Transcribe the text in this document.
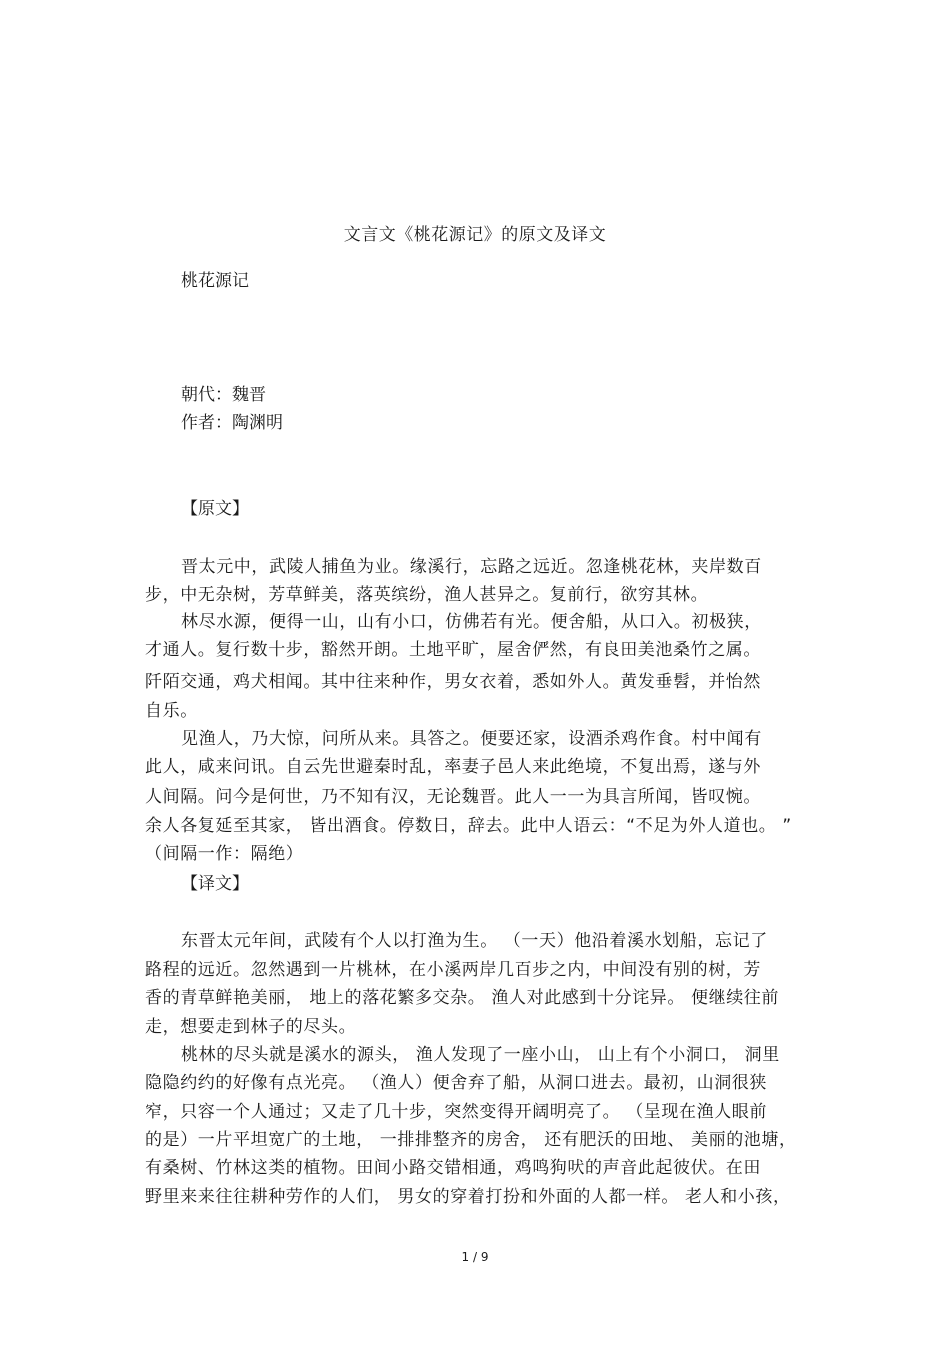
文言文《桃花源记》的原文及译文
桃花源记
朝代：魏晋
作者：陶渊明
【原文】
晋太元中，武陵人捕鱼为业。缘溪行，忘路之远近。忽逢桃花林，夹岸数百
步，中无杂树，芳草鲜美，落英缤纷，渔人甚异之。复前行，欲穷其林。
林尽水源，便得一山，山有小口，仿佛若有光。便舍船，从口入。初极狭，
才通人。复行数十步，豁然开朗。土地平旷，屋舍俨然，有良田美池桑竹之属。
阡陌交通，鸡犬相闻。其中往来种作，男女衣着，悉如外人。黄发垂髫，并怡然
自乐。
见渔人，乃大惊，问所从来。具答之。便要还家，设酒杀鸡作食。村中闻有
此人，咸来问讯。自云先世避秦时乱，率妻子邑人来此绝境，不复出焉，遂与外
人间隔。问今是何世，乃不知有汉，无论魏晋。此人一一为具言所闻，皆叹惋。
余人各复延至其家， 皆出酒食。停数日，辞去。此中人语云：“不足为外人道也。 ”
（间隔一作：隔绝）
【译文】
东晋太元年间，武陵有个人以打渔为生。 （一天）他沿着溪水划船，忘记了
路程的远近。忽然遇到一片桃林，在小溪两岸几百步之内，中间没有别的树，芳
香的青草鲜艳美丽， 地上的落花繁多交杂。 渔人对此感到十分诧异。 便继续往前
走，想要走到林子的尽头。
桃林的尽头就是溪水的源头， 渔人发现了一座小山， 山上有个小洞口， 洞里
隐隐约约的好像有点光亮。 （渔人）便舍弃了船，从洞口进去。最初，山洞很狭
窄，只容一个人通过；又走了几十步，突然变得开阔明亮了。 （呈现在渔人眼前
的是）一片平坦宽广的土地， 一排排整齐的房舍， 还有肥沃的田地、 美丽的池塘，
有桑树、竹林这类的植物。田间小路交错相通，鸡鸣狗吠的声音此起彼伏。在田
野里来来往往耕种劳作的人们， 男女的穿着打扮和外面的人都一样。 老人和小孩，
1 / 9
